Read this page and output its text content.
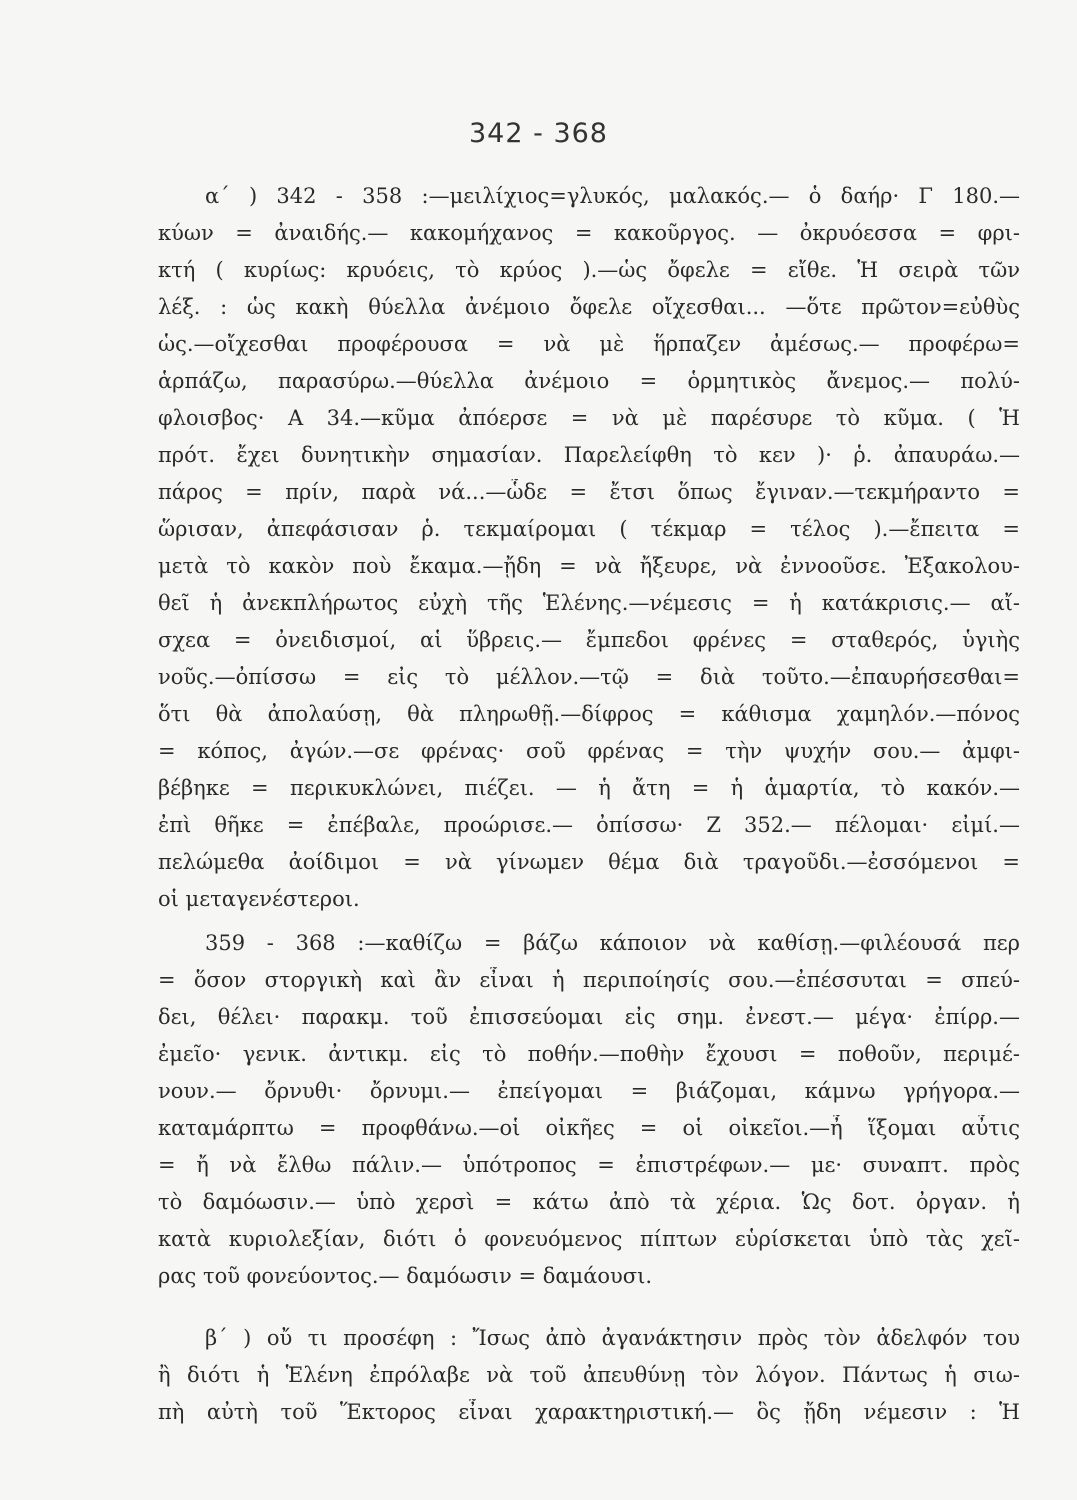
342 - 368
α΄ ) 342 - 358 :—μειλίχιος=γλυκός, μαλακός.— ὁ δαήρ· Γ 180.—
κύων = ἀναιδής.— κακομήχανος = κακοῦργος. — ὀκρυόεσσα = φρι-
κτή ( κυρίως: κρυόεις, τὸ κρύος ).—ὡς ὄφελε = εἴθε. Ἡ σειρὰ τῶν
λέξ. : ὡς κακὴ θύελλα ἀνέμοιο ὄφελε οἴχεσθαι... —ὅτε πρῶτον=εὐθὺς
ὡς.—οἴχεσθαι προφέρουσα = νὰ μὲ ἥρπαζεν ἀμέσως.— προφέρω=
ἁρπάζω, παρασύρω.—θύελλα ἀνέμοιο = ὁρμητικὸς ἄνεμος.— πολύ-
φλοισβος· Α 34.—κῦμα ἀπόερσε = νὰ μὲ παρέσυρε τὸ κῦμα. ( Ἡ
πρότ. ἔχει δυνητικὴν σημασίαν. Παρελείφθη τὸ κεν )· ῥ. ἀπαυράω.—
πάρος = πρίν, παρὰ νά...—ὧδε = ἔτσι ὅπως ἔγιναν.—τεκμήραντο =
ὥρισαν, ἀπεφάσισαν ῥ. τεκμαίρομαι ( τέκμαρ = τέλος ).—ἔπειτα =
μετὰ τὸ κακὸν ποὺ ἔκαμα.—ᾔδη = νὰ ἤξευρε, νὰ ἐννοοῦσε. Ἐξακολου-
θεῖ ἡ ἀνεκπλήρωτος εὐχὴ τῆς Ἑλένης.—νέμεσις = ἡ κατάκρισις.— αἴ-
σχεα = ὀνειδισμοί, αἱ ὕβρεις.— ἔμπεδοι φρένες = σταθερός, ὑγιὴς
νοῦς.—ὀπίσσω = εἰς τὸ μέλλον.—τῷ = διὰ τοῦτο.—ἐπαυρήσεσθαι=
ὅτι θὰ ἀπολαύσῃ, θὰ πληρωθῇ.—δίφρος = κάθισμα χαμηλόν.—πόνος
= κόπος, ἀγών.—σε φρένας· σοῦ φρένας = τὴν ψυχήν σου.— ἀμφι-
βέβηκε = περικυκλώνει, πιέζει. — ἡ ἄτη = ἡ ἁμαρτία, τὸ κακόν.—
ἐπὶ θῆκε = ἐπέβαλε, προώρισε.— ὀπίσσω· Ζ 352.— πέλομαι· εἰμί.—
πελώμεθα ἀοίδιμοι = νὰ γίνωμεν θέμα διὰ τραγοῦδι.—ἐσσόμενοι =
οἱ μεταγενέστεροι.
359 - 368 :—καθίζω = βάζω κάποιον νὰ καθίσῃ.—φιλέουσά περ
= ὅσον στοργικὴ καὶ ἂν εἶναι ἡ περιποίησίς σου.—ἐπέσσυται = σπεύ-
δει, θέλει· παρακμ. τοῦ ἐπισσεύομαι εἰς σημ. ἐνεστ.— μέγα· ἐπίρρ.—
ἐμεῖο· γενικ. ἀντικμ. εἰς τὸ ποθήν.—ποθὴν ἔχουσι = ποθοῦν, περιμέ-
νουν.— ὄρνυθι· ὄρνυμι.— ἐπείγομαι = βιάζομαι, κάμνω γρήγορα.—
καταμάρπτω = προφθάνω.—οἱ οἰκῆες = οἱ οἰκεῖοι.—ἦ ἵξομαι αὖτις
= ἤ νὰ ἔλθω πάλιν.— ὑπότροπος = ἐπιστρέφων.— με· συναπτ. πρὸς
τὸ δαμόωσιν.— ὑπὸ χερσὶ = κάτω ἀπὸ τὰ χέρια. Ὡς δοτ. ὀργαν. ἡ
κατὰ κυριολεξίαν, διότι ὁ φονευόμενος πίπτων εὑρίσκεται ὑπὸ τὰς χεῖ-
ρας τοῦ φονεύοντος.— δαμόωσιν = δαμάουσι.
β΄ ) οὔ τι προσέφη : Ἴσως ἀπὸ ἀγανάκτησιν πρὸς τὸν ἀδελφόν του
ἢ διότι ἡ Ἑλένη ἐπρόλαβε νὰ τοῦ ἀπευθύνῃ τὸν λόγον. Πάντως ἡ σιω-
πὴ αὐτὴ τοῦ Ἕκτορος εἶναι χαρακτηριστική.— ὃς ᾔδη νέμεσιν : Ἡ
